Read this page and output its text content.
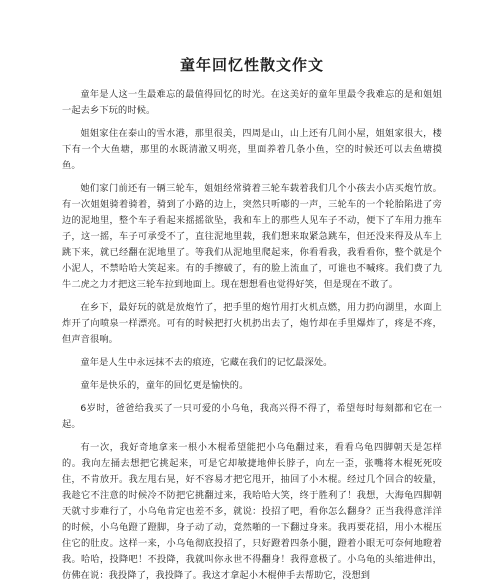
童年回忆性散文作文

童年是人这一生最难忘的最值得回忆的时光。在这美好的童年里最令我难忘的是和姐姐一起去乡下玩的时候。

姐姐家住在泰山的雪水港，那里很美，四周是山，山上还有几间小屋，姐姐家很大，楼下有一个大鱼塘，那里的水既清澈又明亮，里面养着几条小鱼，空的时候还可以去鱼塘摸鱼。

她们家门前还有一辆三轮车，姐姐经常骑着三轮车载着我们几个小孩去小店买炮竹放。有一次姐姐骑着骑着，骑到了小路的边上，突然只听嘭的一声，三轮车的一个轮胎陷进了旁边的泥地里，整个车子看起来摇摇欲坠，我和车上的那些人见车子不动，便下了车用力推车子，这一摇，车子可承受不了，直往泥地里载，我们想来取紧急跳车，但还没来得及从车上跳下来，就已经翻在泥地里了。等我们从泥地里爬起来，你看看我，我看看你，整个就是个小泥人，不禁哈哈大笑起来。有的手擦破了，有的脸上流血了，可谁也不喊疼。我们费了九牛二虎之力才把这三轮车拉到地面上。现在想想看也觉得好笑，但是现在不敢了。

在乡下，最好玩的就是放炮竹了，把手里的炮竹用打火机点燃，用力扔向湖里，水面上炸开了向喷泉一样漂亮。可有的时候把打火机扔出去了，炮竹却在手里爆炸了，疼是不疼，但声音很响。

童年是人生中永远抹不去的痕迹，它藏在我们的记忆最深处。

童年是快乐的，童年的回忆更是愉快的。

6岁时，爸爸给我买了一只可爱的小乌龟，我高兴得不得了，希望每时每刻都和它在一起。

有一次，我好奇地拿来一根小木棍希望能把小乌龟翻过来，看看乌龟四脚朝天是怎样的。我向左捅去想把它挑起来，可是它却敏捷地伸长脖子，向左一歪，张嘴将木棍死死咬住，不肯放开。我左甩右晃，好不容易才把它甩开，抽回了小木棍。经过几个回合的较量，我趁它不注意的时候冷不防把它挑翻过来，我哈哈大笑，终于胜利了！我想，大海龟四脚朝天就寸步难行了，小乌龟肯定也差不多，就说：投招了吧，看你怎么翻身？正当我得意洋洋的时候，小乌龟蹬了蹬脚，身子动了动，竟然啪的一下翻过身来。我再要花招，用小木棍压住它的肚皮。这样一来，小乌龟彻底投招了，只好蹬着四条小腿，蹬着小眼无可奈何地瞪着我。哈哈，投降吧！不投降，我就叫你永世不得翻身！我得意极了。小乌龟的头缩进伸出，仿佛在说：我投降了，我投降了。我这才拿起小木棍伸手去帮助它，没想到
